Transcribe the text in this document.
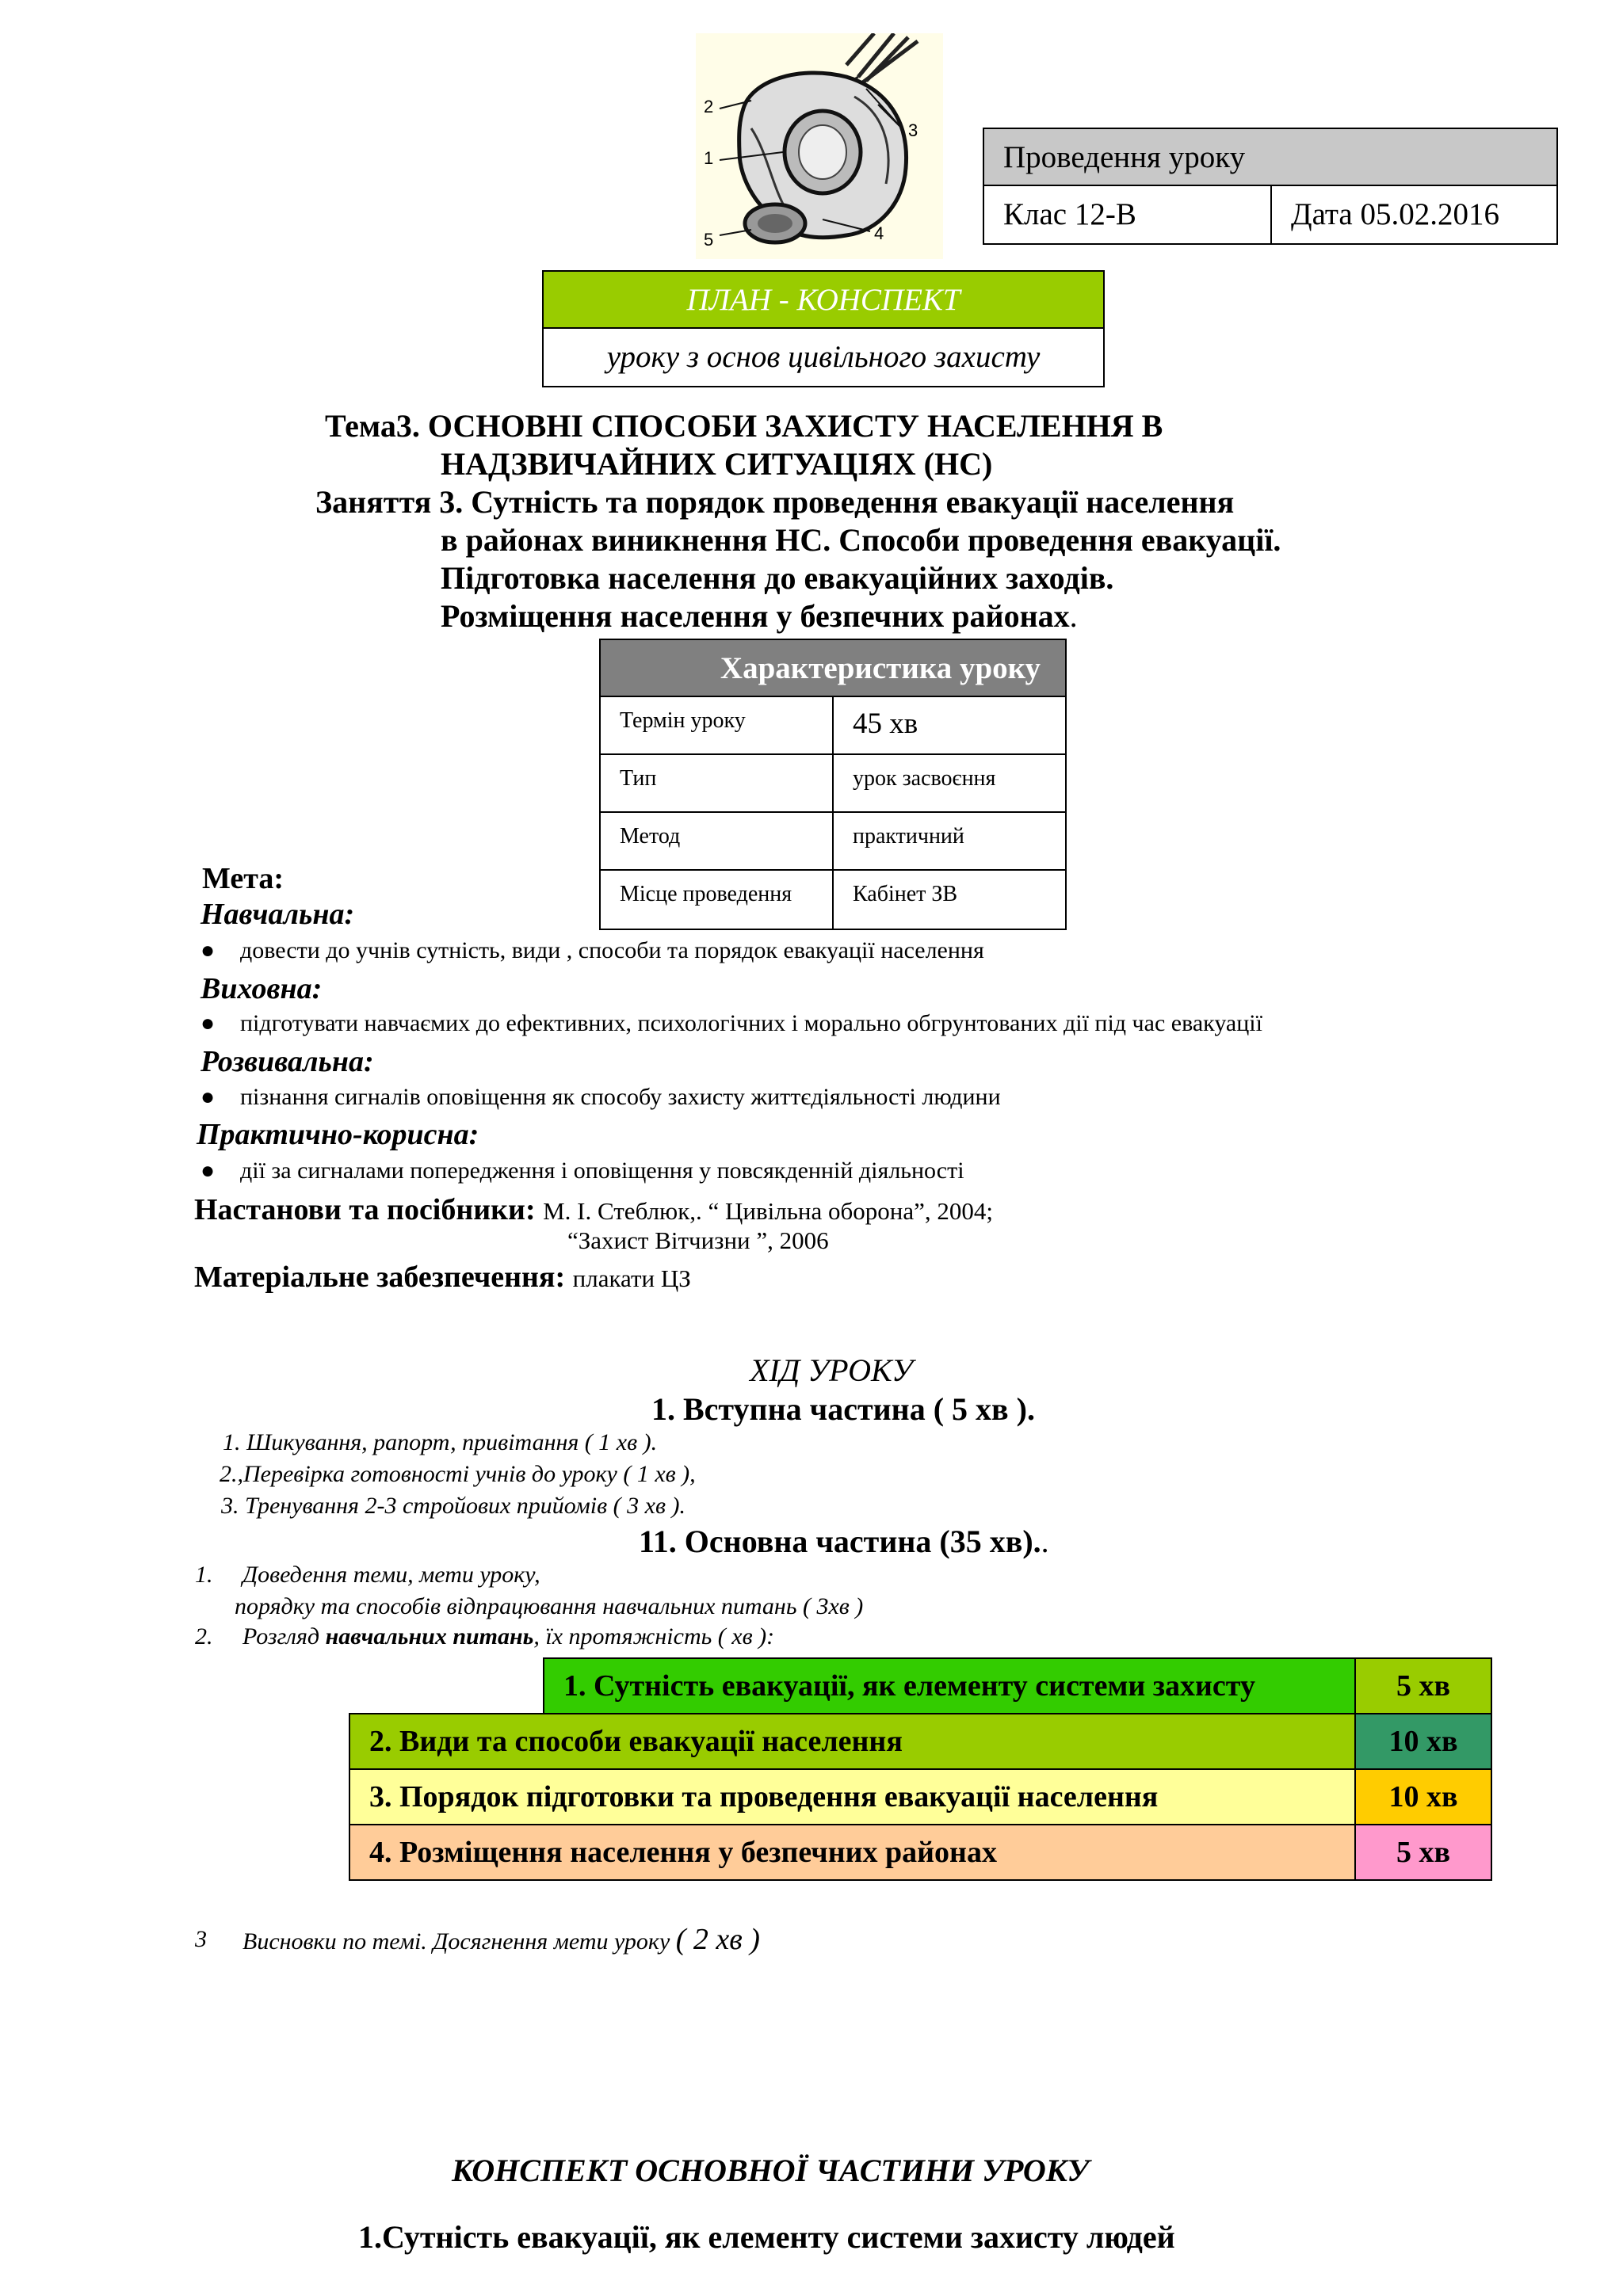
2
1
3
4
5
Проведення уроку
Клас 12-В	Дата 05.02.2016
ПЛАН - КОНСПЕКТ
уроку з основ цивільного захисту
Тема3. ОСНОВНІ СПОСОБИ ЗАХИСТУ НАСЕЛЕННЯ В
НАДЗВИЧАЙНИХ СИТУАЦІЯХ (НС)
Заняття 3. Сутність та порядок проведення евакуації населення
в районах виникнення НС. Способи проведення евакуації.
Підготовка населення до евакуаційних заходів.
Розміщення населення у безпечних районах.
Характеристика уроку
Термін уроку	45 хв
Тип	урок засвоєння
Метод	практичний
Місце проведення	Кабінет ЗВ
Мета:
Навчальна:
● довести до учнів сутність, види , способи та порядок евакуації населення
Виховна:
● підготувати навчаємих до ефективних, психологічних і морально обгрунтованих дії під час евакуації
Розвивальна:
● пізнання сигналів оповіщення як способу захисту життєдіяльності людини
Практично-корисна:
● дії за сигналами попередження і оповіщення у повсякденній діяльності
Настанови та посібники: М. І. Стеблюк,. “ Цивільна оборона”, 2004;
“Захист Вітчизни ”, 2006
Матеріальне забезпечення: плакати ЦЗ
ХІД УРОКУ
1. Вступна частина ( 5 хв ).
1. Шикування, рапорт, привітання ( 1 хв ).
2.,Перевірка готовності учнів до уроку ( 1 хв ),
3. Тренування 2-3 стройових прийомів ( 3 хв ).
11. Основна частина (35 хв)..
1. Доведення теми, мети уроку,
порядку та способів відпрацювання навчальних питань ( 3хв )
2. Розгляд навчальних питань, їх протяжність ( хв ):
1. Сутність евакуації, як елементу системи захисту	5 хв
2. Види та способи евакуації населення	10 хв
3. Порядок підготовки та проведення евакуації населення	10 хв
4. Розміщення населення у безпечних районах	5 хв
3 Висновки по темі. Досягнення мети уроку ( 2 хв )
КОНСПЕКТ ОСНОВНОЇ ЧАСТИНИ УРОКУ
1.Сутність евакуації, як елементу системи захисту людей
